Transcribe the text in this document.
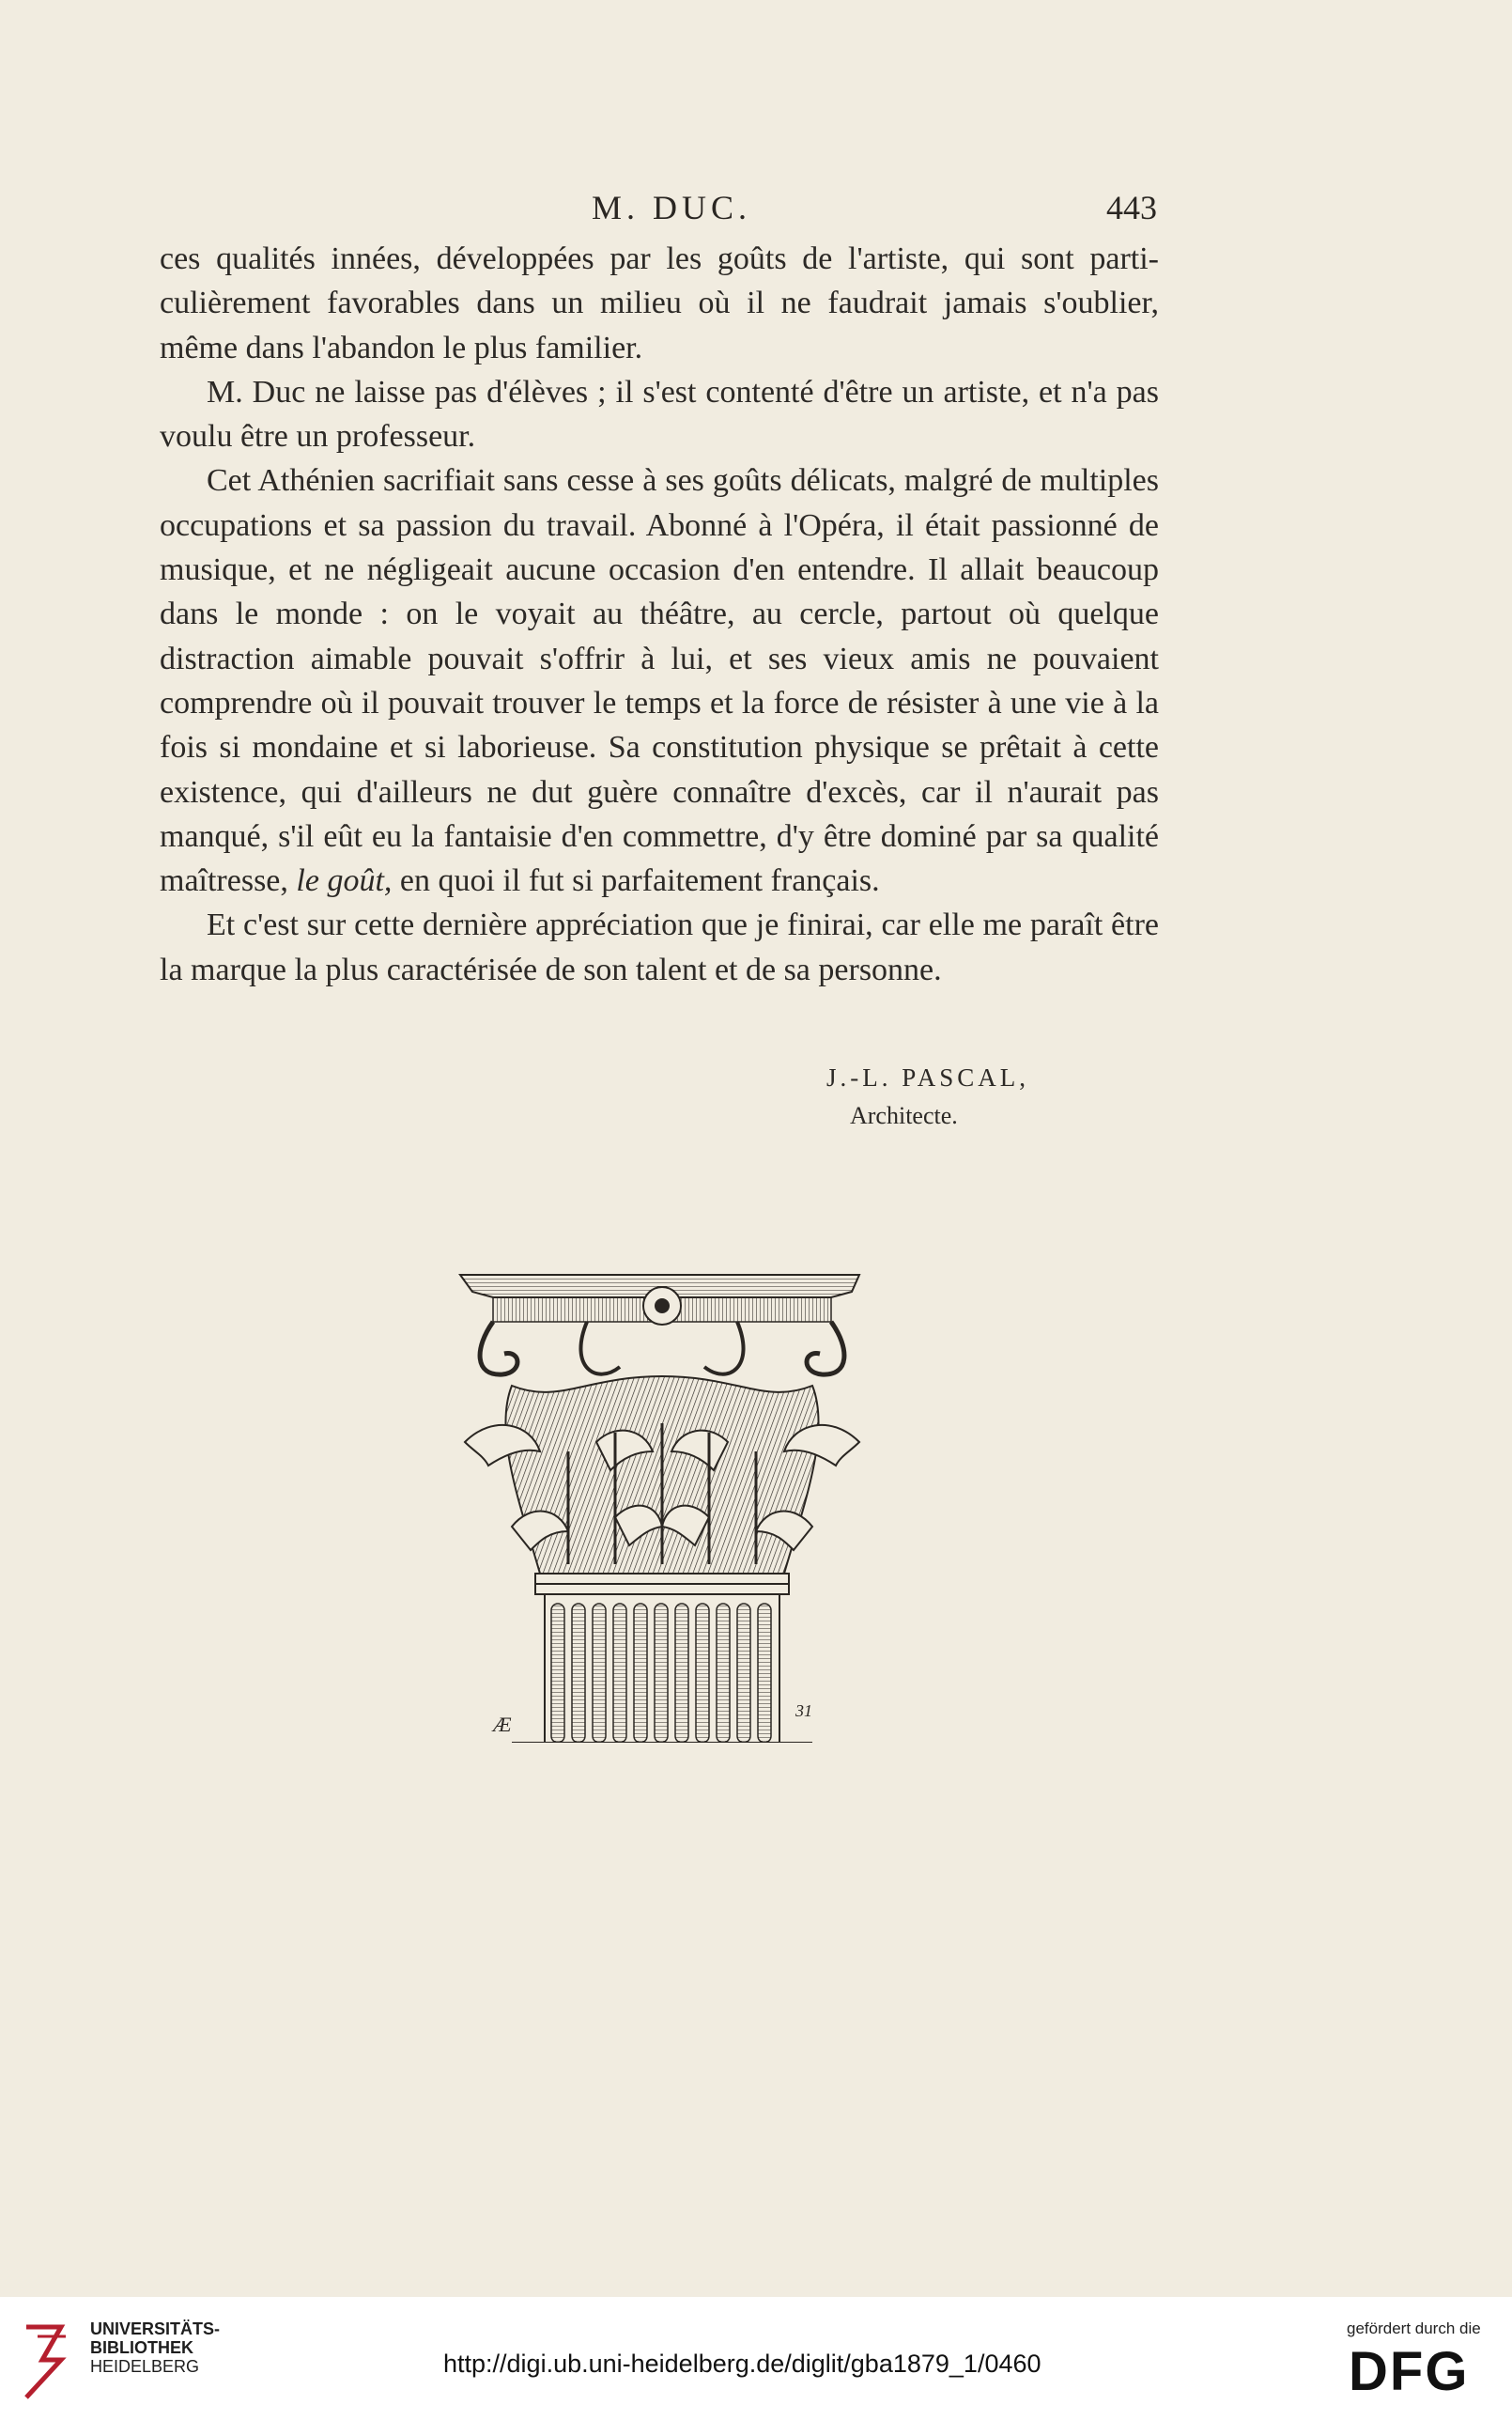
M. DUC.	443

ces qualités innées, développées par les goûts de l'artiste, qui sont particulièrement favorables dans un milieu où il ne faudrait jamais s'oublier, même dans l'abandon le plus familier.

M. Duc ne laisse pas d'élèves ; il s'est contenté d'être un artiste, et n'a pas voulu être un professeur.

Cet Athénien sacrifiait sans cesse à ses goûts délicats, malgré de multiples occupations et sa passion du travail. Abonné à l'Opéra, il était passionné de musique, et ne négligeait aucune occasion d'en entendre. Il allait beaucoup dans le monde : on le voyait au théâtre, au cercle, partout où quelque distraction aimable pouvait s'offrir à lui, et ses vieux amis ne pouvaient comprendre où il pouvait trouver le temps et la force de résister à une vie à la fois si mondaine et si laborieuse. Sa constitution physique se prêtait à cette existence, qui d'ailleurs ne dut guère connaître d'excès, car il n'aurait pas manqué, s'il eût eu la fantaisie d'en commettre, d'y être dominé par sa qualité maîtresse, le goût, en quoi il fut si parfaitement français.

Et c'est sur cette dernière appréciation que je finirai, car elle me paraît être la marque la plus caractérisée de son talent et de sa personne.

J.-L. PASCAL,
Architecte.
Æ
31
UNIVERSITÄTS-
BIBLIOTHEK
HEIDELBERG	http://digi.ub.uni-heidelberg.de/diglit/gba1879_1/0460
gefördert durch die
DFG
